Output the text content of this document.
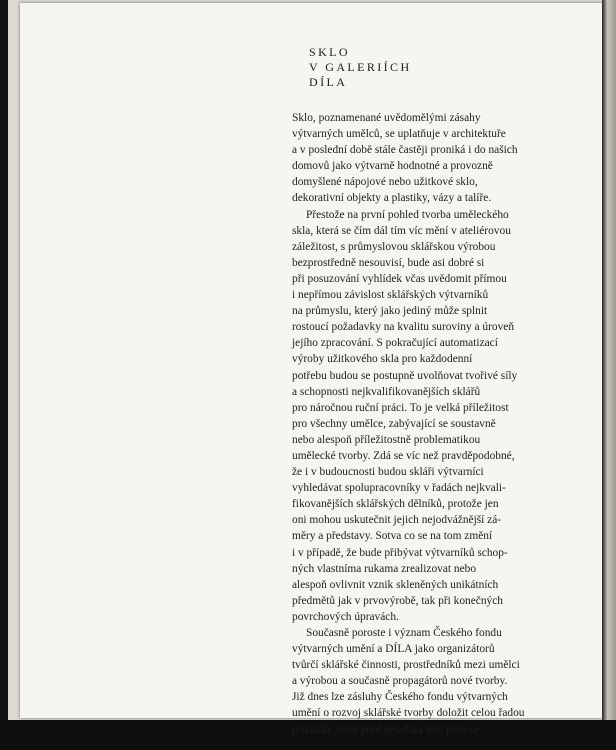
SKLO
V GALERIÍCH
DÍLA

Sklo, poznamenané uvědomělými zásahy
výtvarných umělců, se uplatňuje v architektuře
a v poslední době stále častěji proniká i do našich
domovů jako výtvarně hodnotné a provozně
domyšlené nápojové nebo užitkové sklo,
dekorativní objekty a plastiky, vázy a talíře.

Přestože na první pohled tvorba uměleckého
skla, která se čím dál tím víc mění v ateliérovou
záležitost, s průmyslovou sklářskou výrobou
bezprostředně nesouvisí, bude asi dobré si
při posuzování vyhlídek včas uvědomit přímou
i nepřímou závislost sklářských výtvarníků
na průmyslu, který jako jediný může splnit
rostoucí požadavky na kvalitu suroviny a úroveň
jejího zpracování. S pokračující automatizací
výroby užitkového skla pro každodenní
potřebu budou se postupně uvolňovat tvořivé síly
a schopnosti nejkvalifikovanějších sklářů
pro náročnou ruční práci. To je velká příležitost
pro všechny umělce, zabývající se soustavně
nebo alespoň příležitostně problematikou
umělecké tvorby. Zdá se víc než pravděpodobné,
že i v budoucnosti budou skláři výtvarníci
vyhledávat spolupracovníky v řadách nejkvali-
fikovanějších sklářských dělníků, protože jen
oni mohou uskutečnit jejich nejodvážnější zá-
měry a představy. Sotva co se na tom změní
i v případě, že bude přibývat výtvarníků schop-
ných vlastníma rukama zrealizovat nebo
alespoň ovlivnit vznik skleněných unikátních
předmětů jak v prvovýrobě, tak při konečných
povrchových úpravách.

Současně poroste i význam Českého fondu
výtvarných umění a DÍLA jako organizátorů
tvůrčí sklářské činnosti, prostředníků mezi umělci
a výrobou a současně propagátorů nové tvorby.
Již dnes lze zásluhy Českého fondu výtvarných
umění o rozvoj sklářské tvorby doložit celou řadou
příkladů. Ještě před několika lety jsme se
